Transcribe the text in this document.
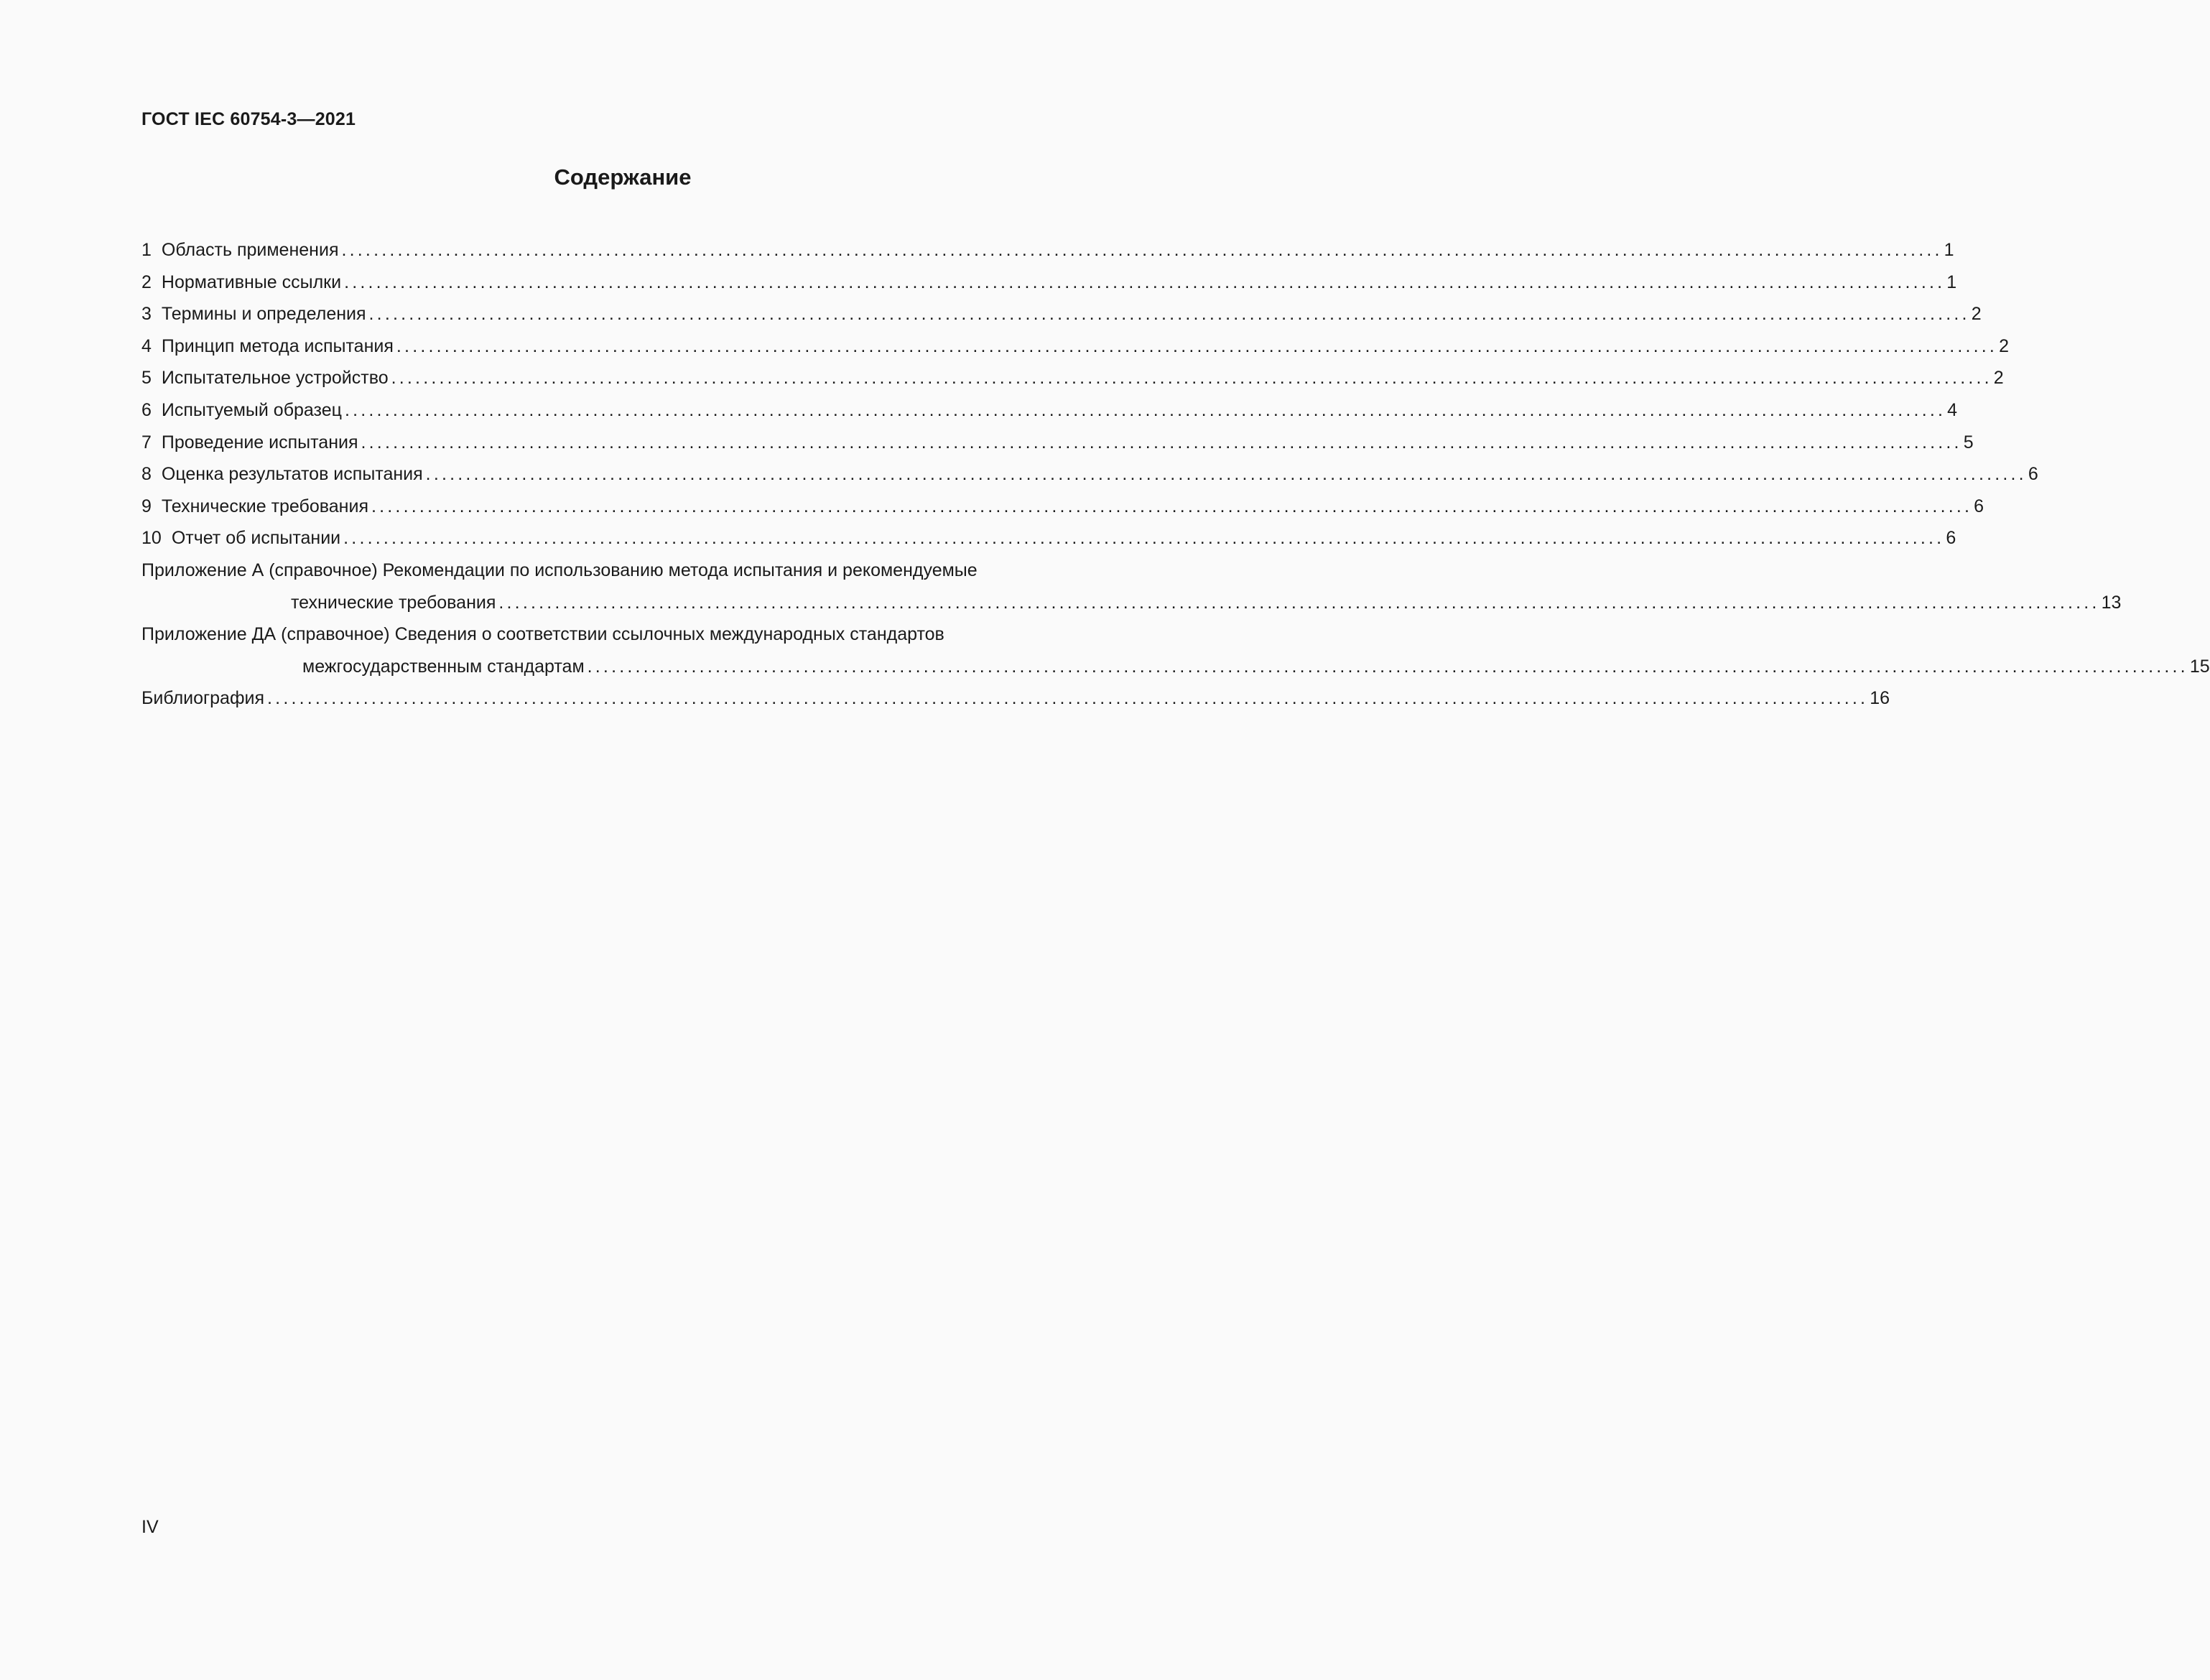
ГОСТ IEC 60754-3—2021
Содержание
1 Область применения ........................................................................................................................................................................................................ 1
2 Нормативные ссылки ........................................................................................................................................................................................................ 1
3 Термины и определения ........................................................................................................................................................................................................ 2
4 Принцип метода испытания ........................................................................................................................................................................................................ 2
5 Испытательное устройство ........................................................................................................................................................................................................ 2
6 Испытуемый образец ........................................................................................................................................................................................................ 4
7 Проведение испытания ........................................................................................................................................................................................................ 5
8 Оценка результатов испытания ........................................................................................................................................................................................................ 6
9 Технические требования ........................................................................................................................................................................................................ 6
10 Отчет об испытании ........................................................................................................................................................................................................ 6
Приложение А (справочное) Рекомендации по использованию метода испытания и рекомендуемые
технические требования ........................................................................................................................................................................................................ 13
Приложение ДА (справочное) Сведения о соответствии ссылочных международных стандартов
межгосударственным стандартам ........................................................................................................................................................................................................ 15
Библиография ........................................................................................................................................................................................................ 16
IV
